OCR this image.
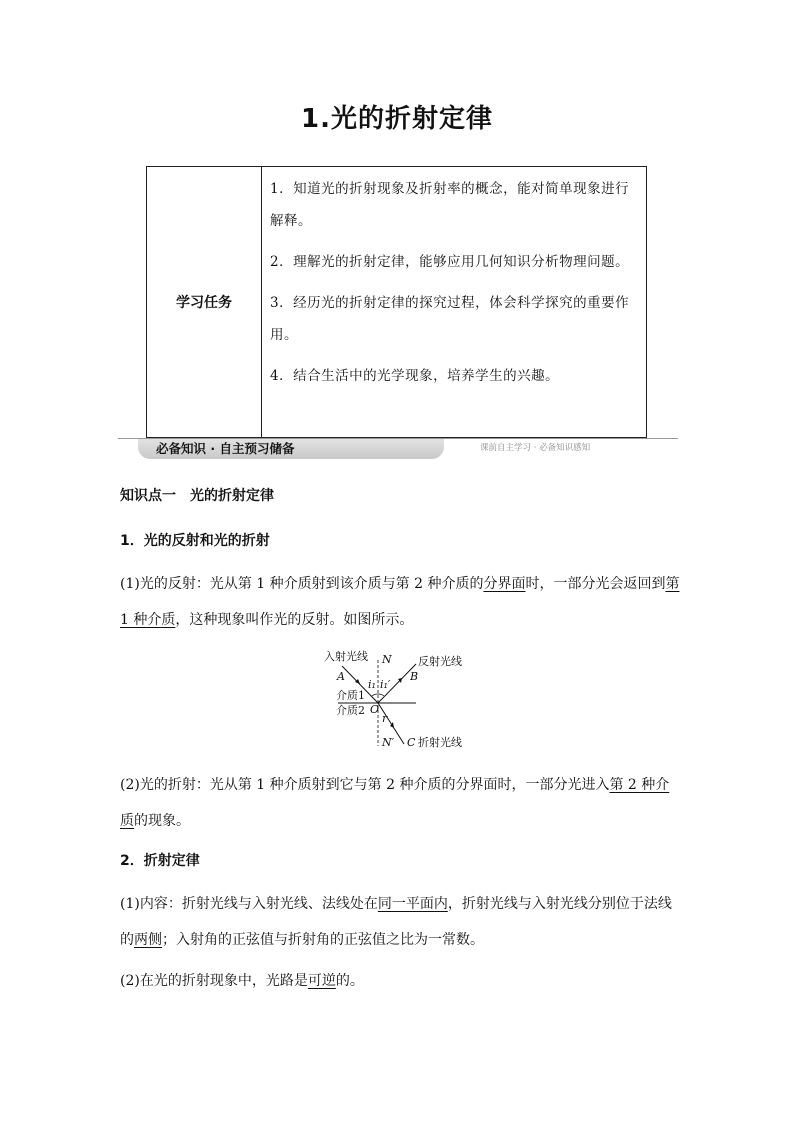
1.光的折射定律
学习任务	
1．知道光的折射现象及折射率的概念，能对简单现象进行解释。
2．理解光的折射定律，能够应用几何知识分析物理问题。
3．经历光的折射定律的探究过程，体会科学探究的重要作用。
4．结合生活中的光学现象，培养学生的兴趣。
必备知识 · 自主预习储备	课前自主学习 · 必备知识感知
知识点一　光的折射定律
1．光的反射和光的折射
(1)光的反射：光从第 1 种介质射到该介质与第 2 种介质的分界面时，一部分光会返回到第 1 种介质，这种现象叫作光的反射。如图所示。
入射光线 N 反射光线
A	B
i₁ i₁′
介质1
介质2 O
r
N′ C 折射光线
(2)光的折射：光从第 1 种介质射到它与第 2 种介质的分界面时，一部分光进入第 2 种介质的现象。
2．折射定律
(1)内容：折射光线与入射光线、法线处在同一平面内，折射光线与入射光线分别位于法线的两侧；入射角的正弦值与折射角的正弦值之比为一常数。
(2)在光的折射现象中，光路是可逆的。
